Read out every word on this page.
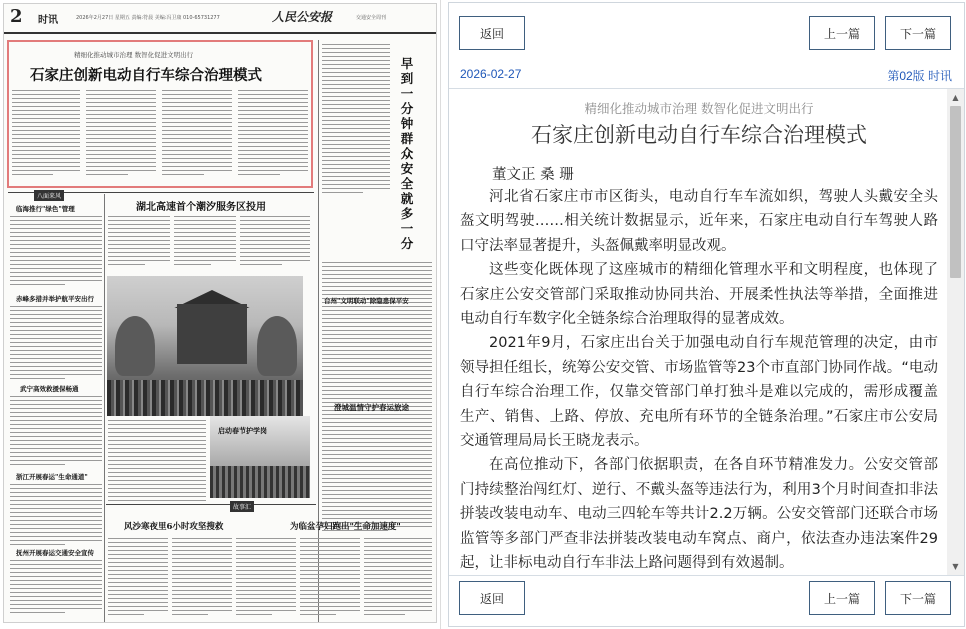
2 时讯	2026年2月27日 星期五 责编:符晨 美编:冯卫康 010-65731277	人民公安报	交通安全周刊
精细化推动城市治理 数智化促进文明出行
石家庄创新电动自行车综合治理模式
早到一分钟 群众安全就多一分
台州"文明联动"除隐患保平安
澄城温情守护春运旅途
八面来风
临海推行"绿色"管理
赤峰多措并举护航平安出行
武宁高效救援保畅通
浙江开展春运"生命通道"
抚州开展春运交通安全宣传
湖北高速首个潮汐服务区投用
启动春节护学岗
故事汇
风沙寒夜里6小时攻坚搜救	为临盆孕妇跑出"生命加速度"
返回	上一篇	下一篇
2026-02-27	第02版 时讯
精细化推动城市治理 数智化促进文明出行
石家庄创新电动自行车综合治理模式
董文正 桑 珊

河北省石家庄市市区街头，电动自行车车流如织，驾驶人头戴安全头盔文明驾驶……相关统计数据显示，近年来，石家庄电动自行车驾驶人路口守法率显著提升，头盔佩戴率明显改观。

这些变化既体现了这座城市的精细化管理水平和文明程度，也体现了石家庄公安交管部门采取推动协同共治、开展柔性执法等举措，全面推进电动自行车数字化全链条综合治理取得的显著成效。

2021年9月，石家庄出台关于加强电动自行车规范管理的决定，由市领导担任组长，统筹公安交管、市场监管等23个市直部门协同作战。“电动自行车综合治理工作，仅靠交管部门单打独斗是难以完成的，需形成覆盖生产、销售、上路、停放、充电所有环节的全链条治理。”石家庄市公安局交通管理局局长王晓龙表示。

在高位推动下，各部门依据职责，在各自环节精准发力。公安交管部门持续整治闯红灯、逆行、不戴头盔等违法行为，利用3个月时间查扣非法拼装改装电动车、电动三四轮车等共计2.2万辆。公安交管部门还联合市场监管等多部门严查非法拼装改装电动车窝点、商户，依法查办违法案件29起，让非标电动自行车非法上路问题得到有效遏制。

▲
▼
返回	上一篇	下一篇
